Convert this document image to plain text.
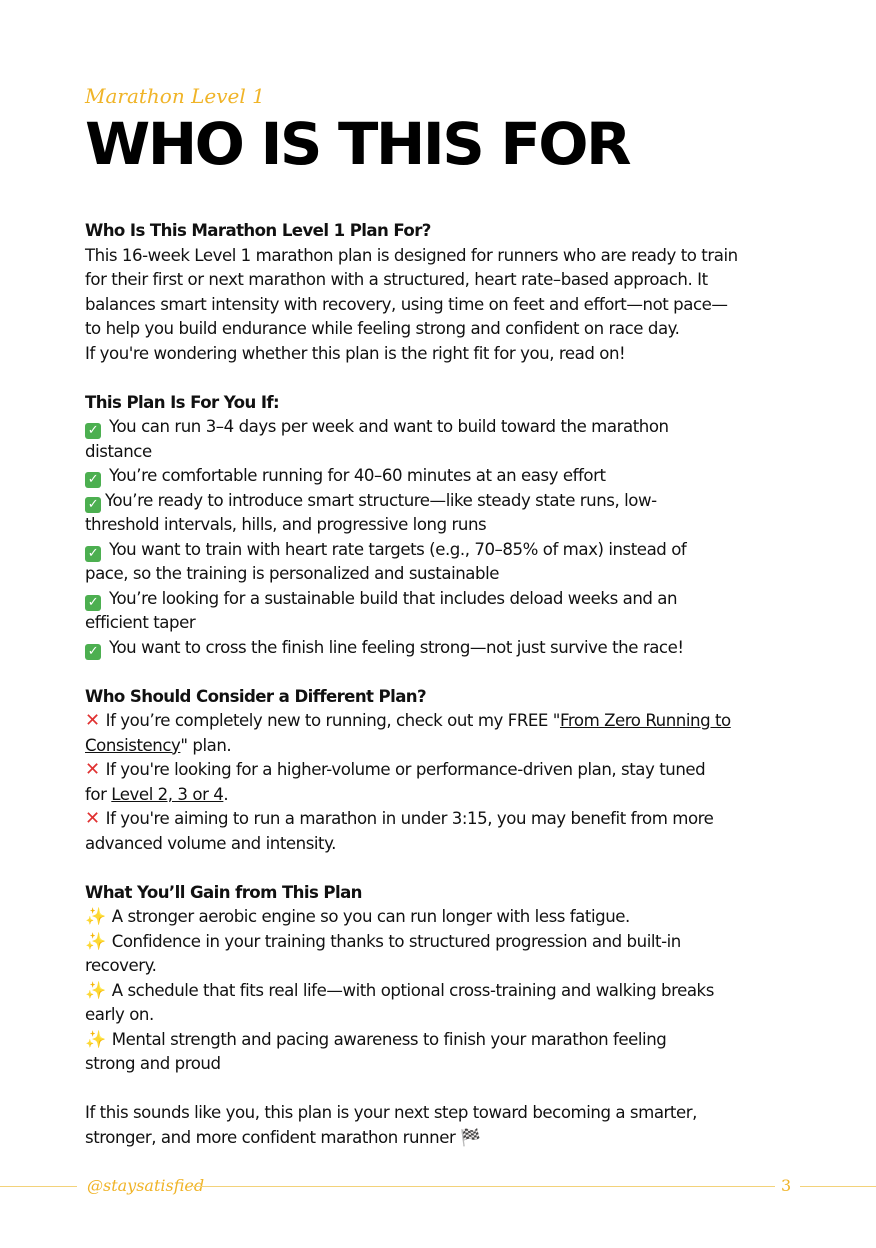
Marathon Level 1
WHO IS THIS FOR

Who Is This Marathon Level 1 Plan For?

This 16-week Level 1 marathon plan is designed for runners who are ready to train

for their first or next marathon with a structured, heart rate–based approach. It

balances smart intensity with recovery, using time on feet and effort—not pace—

to help you build endurance while feeling strong and confident on race day.

If you're wondering whether this plan is the right fit for you, read on!

This Plan Is For You If:

✓ You can run 3–4 days per week and want to build toward the marathon

distance

✓ You’re comfortable running for 40–60 minutes at an easy effort

✓ You’re ready to introduce smart structure—like steady state runs, low-

threshold intervals, hills, and progressive long runs

✓ You want to train with heart rate targets (e.g., 70–85% of max) instead of

pace, so the training is personalized and sustainable

✓ You’re looking for a sustainable build that includes deload weeks and an

efficient taper

✓ You want to cross the finish line feeling strong—not just survive the race!

Who Should Consider a Different Plan?

✕ If you’re completely new to running, check out my FREE "From Zero Running to

Consistency" plan.

✕ If you're looking for a higher-volume or performance-driven plan, stay tuned

for Level 2, 3 or 4.

✕ If you're aiming to run a marathon in under 3:15, you may benefit from more

advanced volume and intensity.

What You’ll Gain from This Plan

✨ A stronger aerobic engine so you can run longer with less fatigue.

✨ Confidence in your training thanks to structured progression and built-in

recovery.

✨ A schedule that fits real life—with optional cross-training and walking breaks

early on.

✨ Mental strength and pacing awareness to finish your marathon feeling

strong and proud

If this sounds like you, this plan is your next step toward becoming a smarter,

stronger, and more confident marathon runner 🏁

@staysatisfied	3
